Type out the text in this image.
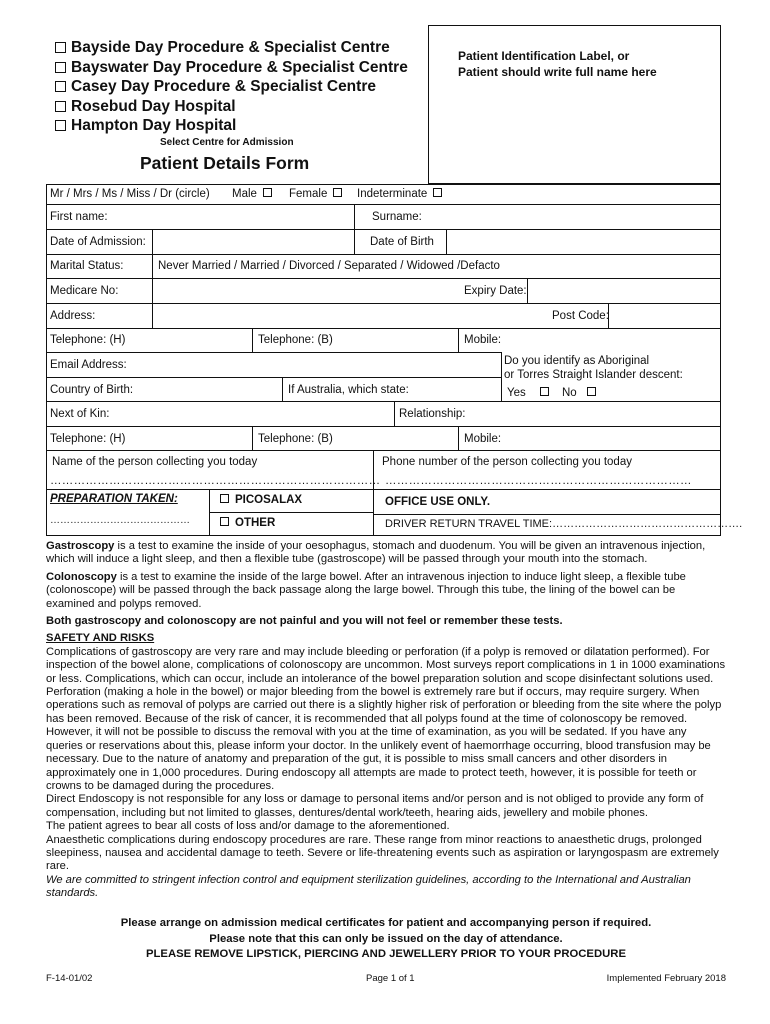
Bayside Day Procedure & Specialist Centre
Bayswater Day Procedure & Specialist Centre
Casey Day Procedure & Specialist Centre
Rosebud Day Hospital
Hampton Day Hospital
Select Centre for Admission
Patient Details Form
Patient Identification Label, or
Patient should write full name here
Mr / Mrs / Ms / Miss / Dr (circle) Male	Female	Indeterminate
First name:	Surname:
Date of Admission:	Date of Birth
Marital Status:	Never Married / Married / Divorced / Separated / Widowed /Defacto
Medicare No:	Expiry Date:
Address:	Post Code:
Telephone: (H)	Telephone: (B)	Mobile:
Email Address:	Do you identify as Aboriginal
or Torres Straight Islander descent:
Yes	No
Country of Birth:	If Australia, which state:
Next of Kin:	Relationship:
Telephone: (H)	Telephone: (B)	Mobile:
Name of the person collecting you today	Phone number of the person collecting you today
………………………………………………………………………… ……………………………………………………………………
PREPARATION TAKEN:
……………………………………
PICOSALAX
OTHER
OFFICE USE ONLY.
DRIVER RETURN TRAVEL TIME:…………………………………………….

Gastroscopy is a test to examine the inside of your oesophagus, stomach and duodenum. You will be given an intravenous injection, which will induce a light sleep, and then a flexible tube (gastroscope) will be passed through your mouth into the stomach.

Colonoscopy is a test to examine the inside of the large bowel. After an intravenous injection to induce light sleep, a flexible tube (colonoscope) will be passed through the back passage along the large bowel. Through this tube, the lining of the bowel can be examined and polyps removed.

Both gastroscopy and colonoscopy are not painful and you will not feel or remember these tests.

SAFETY AND RISKS
Complications of gastroscopy are very rare and may include bleeding or perforation (if a polyp is removed or dilatation performed). For inspection of the bowel alone, complications of colonoscopy are uncommon. Most surveys report complications in 1 in 1000 examinations or less. Complications, which can occur, include an intolerance of the bowel preparation solution and scope disinfectant solutions used. Perforation (making a hole in the bowel) or major bleeding from the bowel is extremely rare but if occurs, may require surgery. When operations such as removal of polyps are carried out there is a slightly higher risk of perforation or bleeding from the site where the polyp has been removed. Because of the risk of cancer, it is recommended that all polyps found at the time of colonoscopy be removed. However, it will not be possible to discuss the removal with you at the time of examination, as you will be sedated. If you have any queries or reservations about this, please inform your doctor. In the unlikely event of haemorrhage occurring, blood transfusion may be necessary. Due to the nature of anatomy and preparation of the gut, it is possible to miss small cancers and other disorders in approximately one in 1,000 procedures. During endoscopy all attempts are made to protect teeth, however, it is possible for teeth or crowns to be damaged during the procedures.
Direct Endoscopy is not responsible for any loss or damage to personal items and/or person and is not obliged to provide any form of compensation, including but not limited to glasses, dentures/dental work/teeth, hearing aids, jewellery and mobile phones.
The patient agrees to bear all costs of loss and/or damage to the aforementioned.
Anaesthetic complications during endoscopy procedures are rare. These range from minor reactions to anaesthetic drugs, prolonged sleepiness, nausea and accidental damage to teeth. Severe or life-threatening events such as aspiration or laryngospasm are extremely rare.
We are committed to stringent infection control and equipment sterilization guidelines, according to the International and Australian standards.
Please arrange on admission medical certificates for patient and accompanying person if required.
Please note that this can only be issued on the day of attendance.
PLEASE REMOVE LIPSTICK, PIERCING AND JEWELLERY PRIOR TO YOUR PROCEDURE
F-14-01/02	Page 1 of 1	Implemented February 2018
